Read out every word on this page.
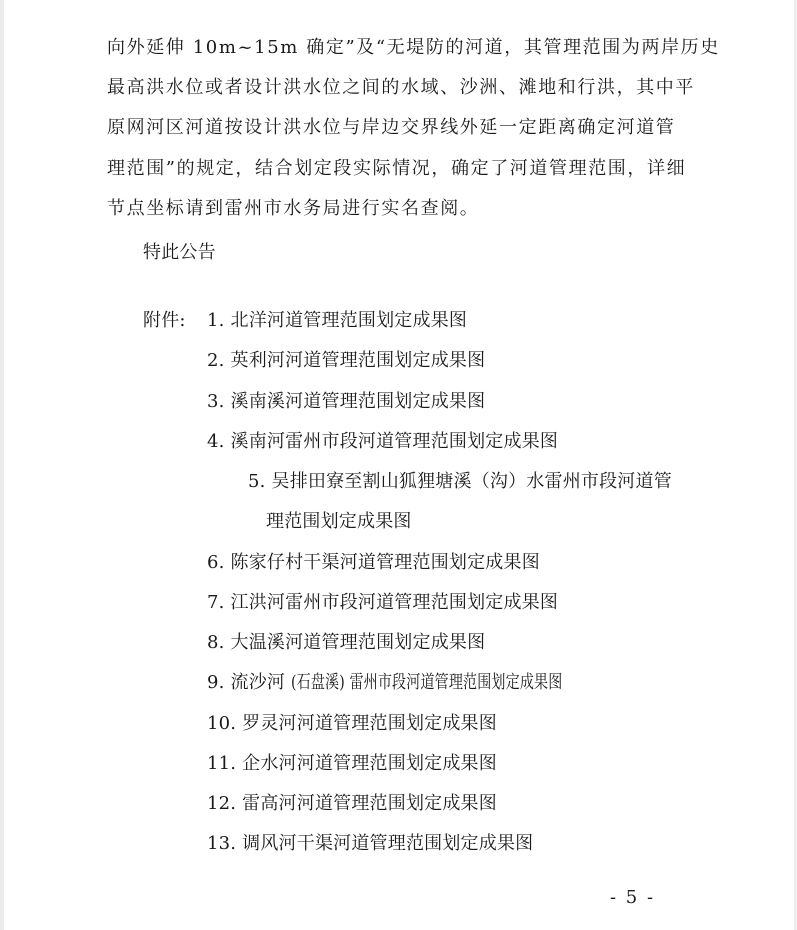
向外延伸 10m~15m 确定”及“无堤防的河道，其管理范围为两岸历史
最高洪水位或者设计洪水位之间的水域、沙洲、滩地和行洪，其中平
原网河区河道按设计洪水位与岸边交界线外延一定距离确定河道管
理范围”的规定，结合划定段实际情况，确定了河道管理范围，详细
节点坐标请到雷州市水务局进行实名查阅。
特此公告
附件: 1. 北洋河道管理范围划定成果图
2. 英利河河道管理范围划定成果图
3. 溪南溪河道管理范围划定成果图
4. 溪南河雷州市段河道管理范围划定成果图
5. 吴排田寮至割山狐狸塘溪（沟）水雷州市段河道管
理范围划定成果图
6. 陈家仔村干渠河道管理范围划定成果图
7. 江洪河雷州市段河道管理范围划定成果图
8. 大温溪河道管理范围划定成果图
9. 流沙河 (石盘溪) 雷州市段河道管理范围划定成果图
10. 罗灵河河道管理范围划定成果图
11. 企水河河道管理范围划定成果图
12. 雷高河河道管理范围划定成果图
13. 调风河干渠河道管理范围划定成果图
- 5 -
